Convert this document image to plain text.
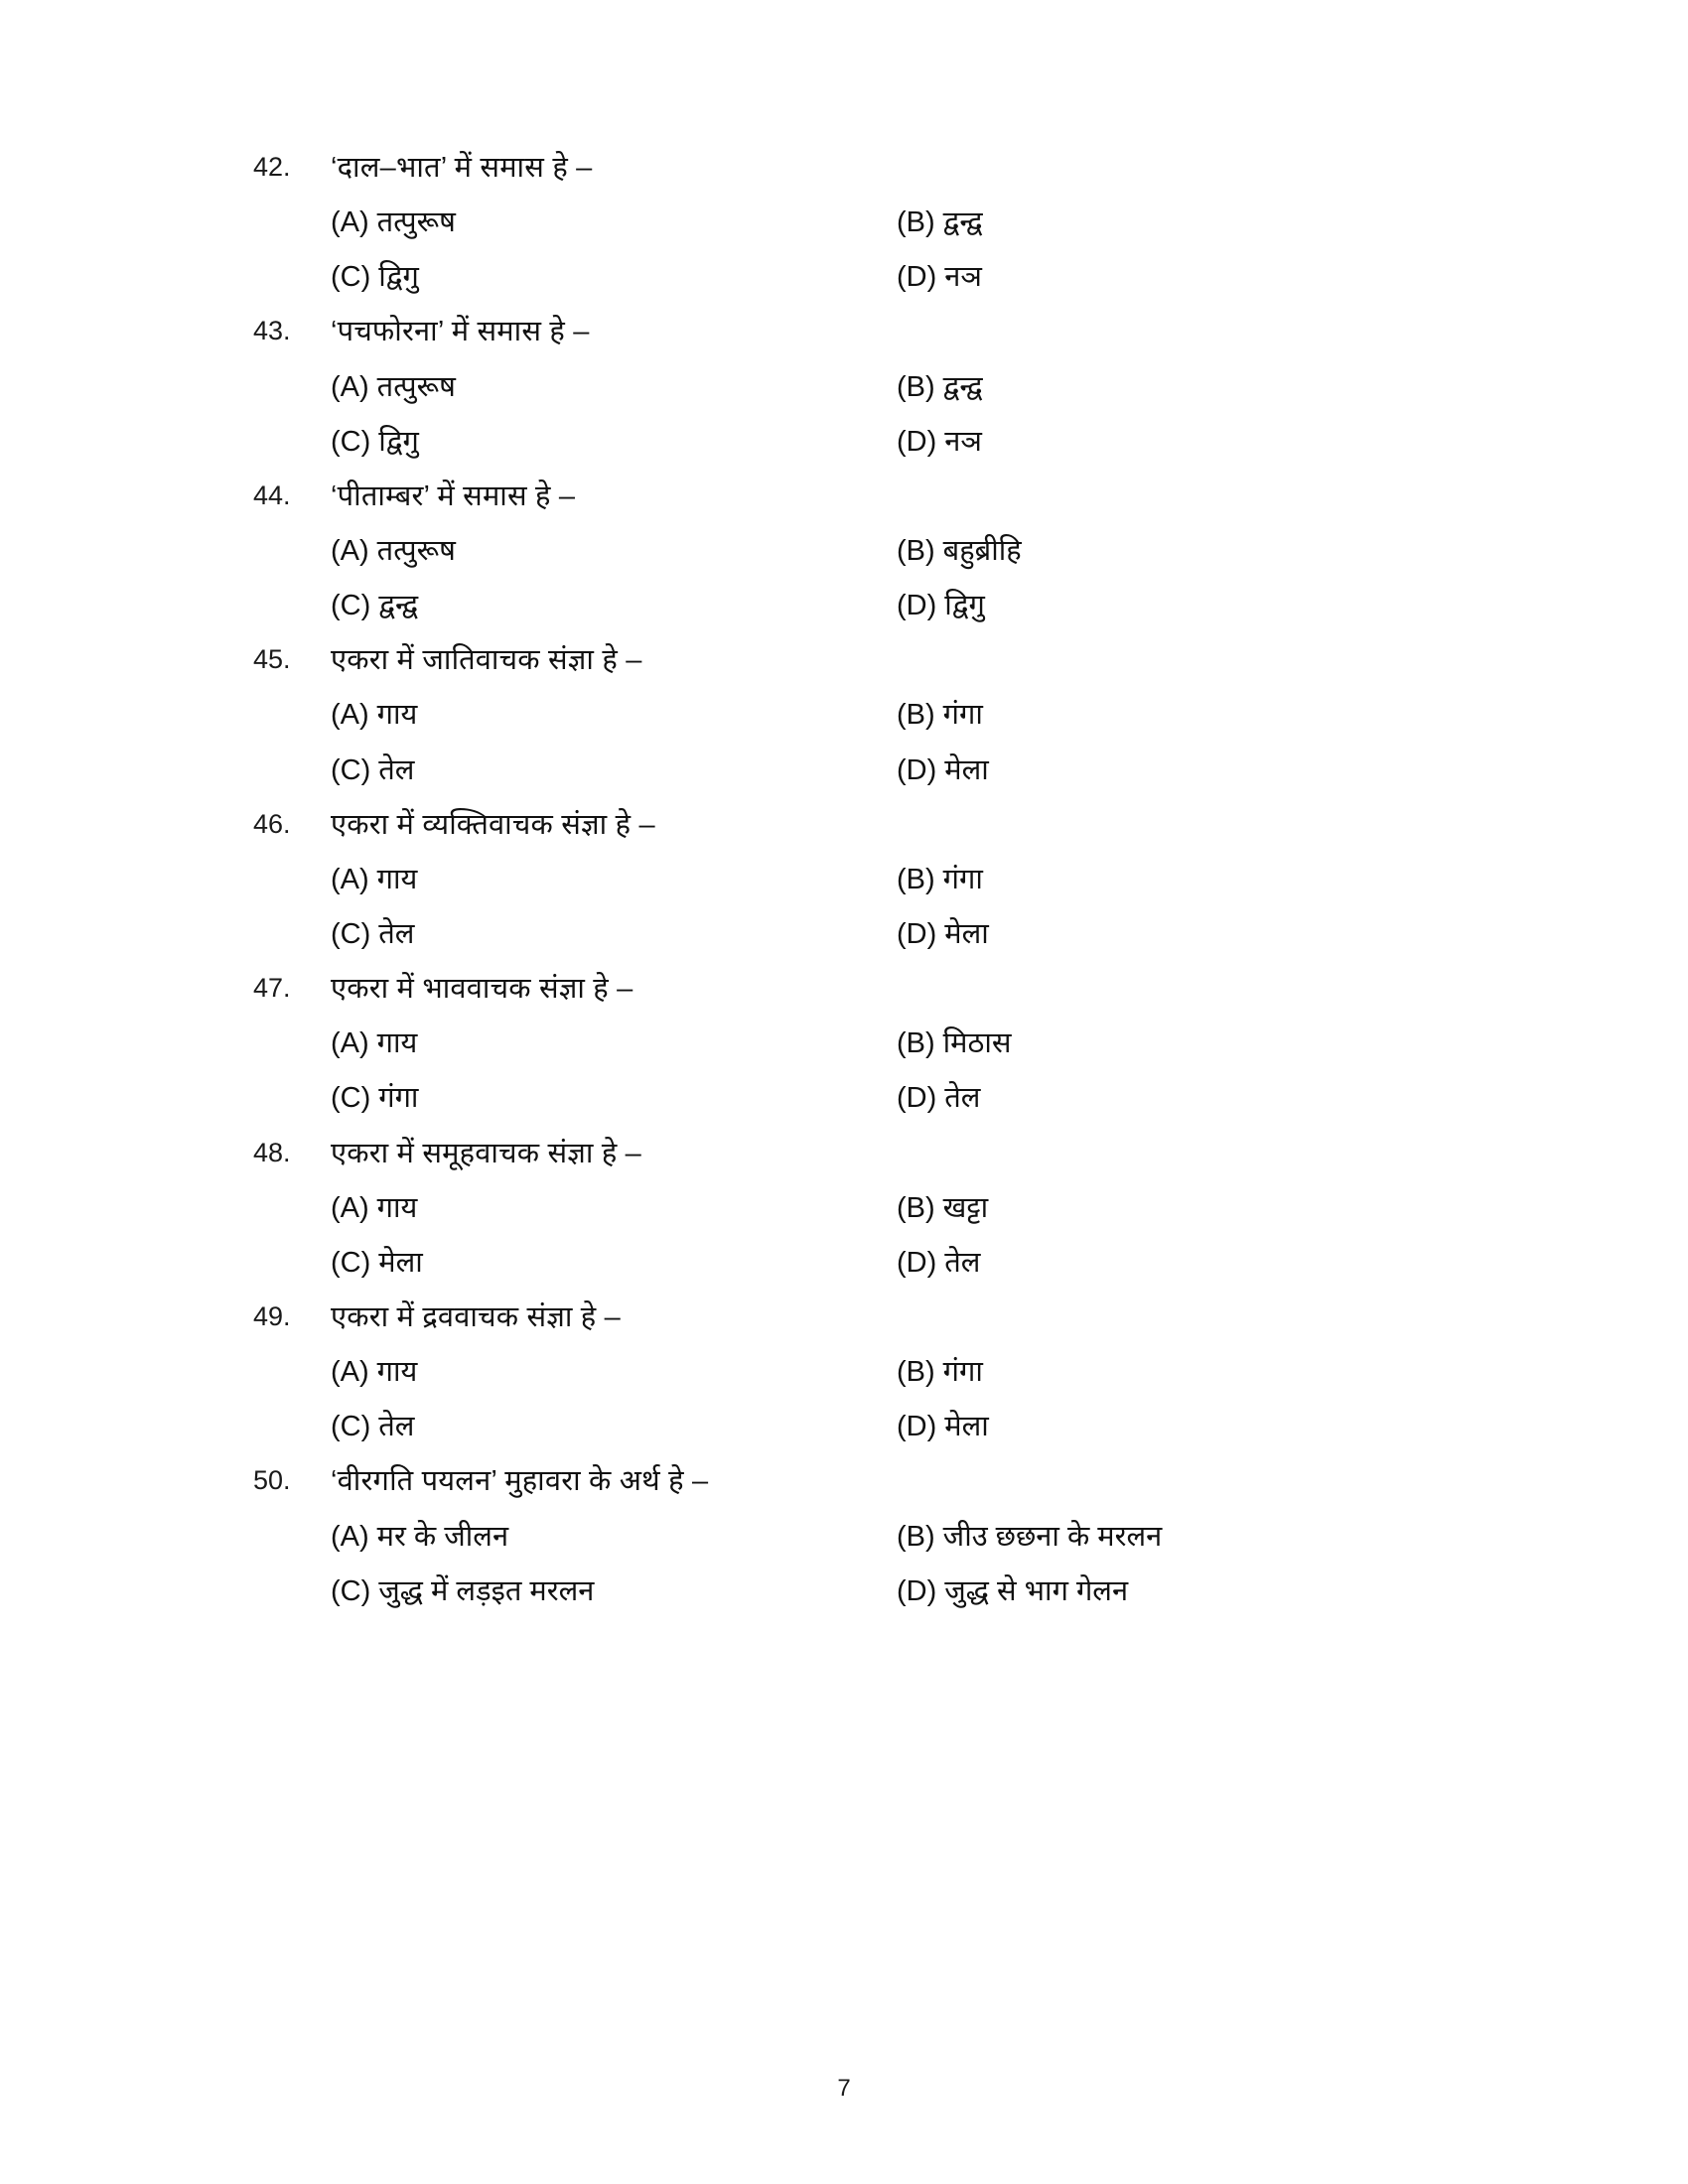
42.	‘दाल–भात’ में समास हे –
(A) तत्पुरूष	(B) द्वन्द्व
(C) द्विगु	(D) नञ
43.	‘पचफोरना’ में समास हे –
(A) तत्पुरूष	(B) द्वन्द्व
(C) द्विगु	(D) नञ
44.	‘पीताम्बर’ में समास हे –
(A) तत्पुरूष	(B) बहुब्रीहि
(C) द्वन्द्व	(D) द्विगु
45.	एकरा में जातिवाचक संज्ञा हे –
(A) गाय	(B) गंगा
(C) तेल	(D) मेला
46.	एकरा में व्यक्तिवाचक संज्ञा हे –
(A) गाय	(B) गंगा
(C) तेल	(D) मेला
47.	एकरा में भाववाचक संज्ञा हे –
(A) गाय	(B) मिठास
(C) गंगा	(D) तेल
48.	एकरा में समूहवाचक संज्ञा हे –
(A) गाय	(B) खट्टा
(C) मेला	(D) तेल
49.	एकरा में द्रववाचक संज्ञा हे –
(A) गाय	(B) गंगा
(C) तेल	(D) मेला
50.	‘वीरगति पयलन’ मुहावरा के अर्थ हे –
(A) मर के जीलन	(B) जीउ छछना के मरलन
(C) जुद्ध में लड़इत मरलन	(D) जुद्ध से भाग गेलन
7
